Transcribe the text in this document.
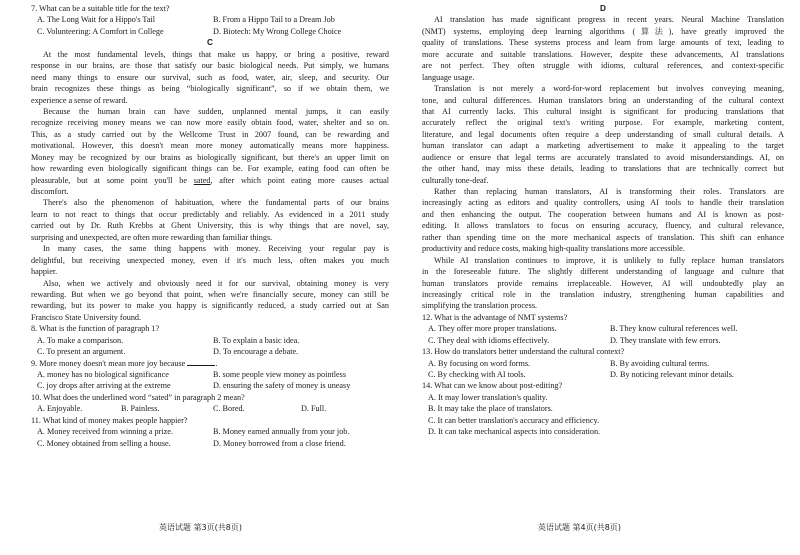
7. What can be a suitable title for the text?
A. The Long Wait for a Hippo's Tail	B. From a Hippo Tail to a Dream Job
C. Volunteering: A Comfort in College	D. Biotech: My Wrong College Choice
C
At the most fundamental levels, things that make us happy, or bring a positive, reward
response in our brains, are those that satisfy our basic biological needs. Put simply, we humans
need many things to ensure our survival, such as food, water, air, sleep, and security. Our
brain recognizes these things as being “biologically significant”, so if we obtain them, we
experience a sense of reward.
Because the human brain can have sudden, unplanned mental jumps, it can easily
recognize receiving money means we can now more easily obtain food, water, shelter and so on.
This, as a study carried out by the Wellcome Trust in 2007 found, can be rewarding and
motivational. However, this doesn't mean more money automatically means more happiness.
Money may be recognized by our brains as biologically significant, but there's an upper limit on
how rewarding even biologically significant things can be. For example, eating food can often be
pleasurable, but at some point you'll be sated, after which point eating more causes actual
discomfort.
There's also the phenomenon of habituation, where the fundamental parts of our brains
learn to not react to things that occur predictably and reliably. As evidenced in a 2011 study
carried out by Dr. Ruth Krebbs at Ghent University, this is why things that are novel, say,
surprising and unexpected, are often more rewarding than familiar things.
In many cases, the same thing happens with money. Receiving your regular pay is
delightful, but receiving unexpected money, even if it's much less, often makes you much
happier.
Also, when we actively and obviously need it for our survival, obtaining money is very
rewarding. But when we go beyond that point, when we're financially secure, money can still be
rewarding, but its power to make you happy is significantly reduced, a study carried out at San
Francisco State University found.
8. What is the function of paragraph 1?
A. To make a comparison.	B. To explain a basic idea.
C. To present an argument.	D. To encourage a debate.
9. More money doesn't mean more joy because	.
A. money has no biological significance	B. some people view money as pointless
C. joy drops after arriving at the extreme	D. ensuring the safety of money is uneasy
10. What does the underlined word “sated” in paragraph 2 mean?
A. Enjoyable.	B. Painless.	C. Bored.	D. Full.
11. What kind of money makes people happier?
A. Money received from winning a prize.	B. Money earned annually from your job.
C. Money obtained from selling a house.	D. Money borrowed from a close friend.
英语试题 第3页(共8页)
D
AI translation has made significant progress in recent years. Neural Machine Translation
(NMT) systems, employing deep learning algorithms (算法), have greatly improved the
quality of translations. These systems process and learn from large amounts of text, leading to
more accurate and suitable translations. However, despite these advancements, AI translations
are not perfect. They often struggle with idioms, cultural references, and context-specific
language usage.
Translation is not merely a word-for-word replacement but involves conveying meaning,
tone, and cultural differences. Human translators bring an understanding of the cultural context
that AI currently lacks. This cultural insight is significant for producing translations that
accurately reflect the original text's writing purpose. For example, marketing content,
literature, and legal documents often require a deep understanding of small cultural details. A
human translator can adapt a marketing advertisement to make it appealing to the target
audience or ensure that legal terms are accurately translated to avoid misunderstandings. AI, on
the other hand, may miss these details, leading to translations that are technically correct but
culturally tone-deaf.
Rather than replacing human translators, AI is transforming their roles. Translators are
increasingly acting as editors and quality controllers, using AI tools to handle their translation
and then enhancing the output. The cooperation between humans and AI is known as post-
editing. It allows translators to focus on ensuring accuracy, fluency, and cultural relevance,
rather than spending time on the more mechanical aspects of translation. This shift can enhance
productivity and reduce costs, making high-quality translations more accessible.
While AI translation continues to improve, it is unlikely to fully replace human translators
in the foreseeable future. The slightly different understanding of language and culture that
human translators provide remains irreplaceable. However, AI will undoubtedly play an
increasingly critical role in the translation industry, strengthening human capabilities and
simplifying the translation process.
12. What is the advantage of NMT systems?
A. They offer more proper translations.	B. They know cultural references well.
C. They deal with idioms effectively.	D. They translate with few errors.
13. How do translators better understand the cultural context?
A. By focusing on word forms.	B. By avoiding cultural terms.
C. By checking with AI tools.	D. By noticing relevant minor details.
14. What can we know about post-editing?
A. It may lower translation's quality.
B. It may take the place of translators.
C. It can better translation's accuracy and efficiency.
D. It can take mechanical aspects into consideration.
英语试题 第4页(共8页)
